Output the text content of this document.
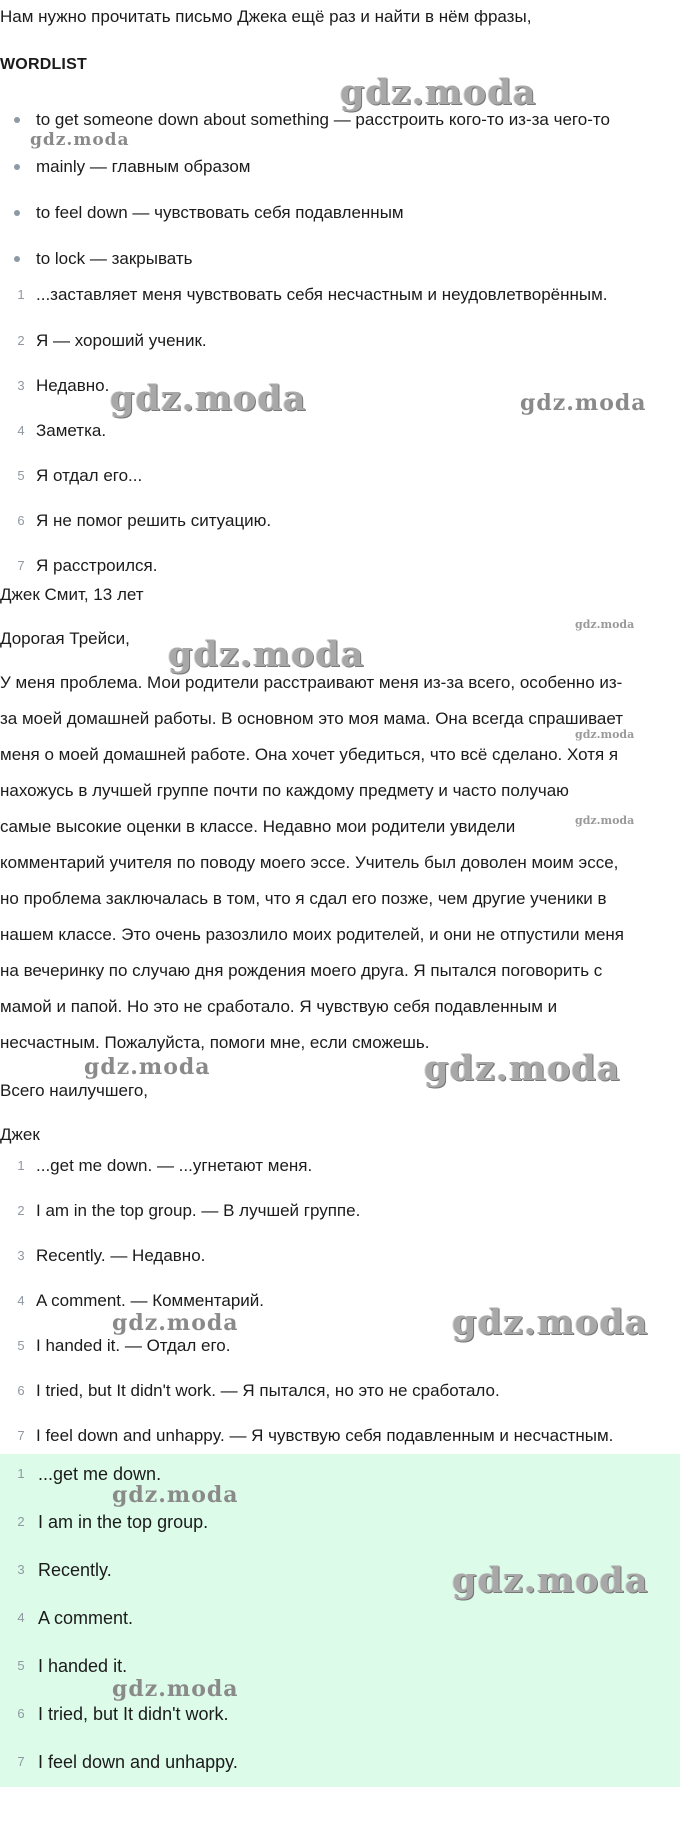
Нам нужно прочитать письмо Джека ещё раз и найти в нём фразы,
WORDLIST
to get someone down about something — расстроить кого-то из-за чего-то
mainly — главным образом
to feel down — чувствовать себя подавленным
to lock — закрывать
1 ...заставляет меня чувствовать себя несчастным и неудовлетворённым.
2 Я — хороший ученик.
3 Недавно.
4 Заметка.
5 Я отдал его...
6 Я не помог решить ситуацию.
7 Я расстроился.
Джек Смит, 13 лет
Дорогая Трейси,
У меня проблема. Мои родители расстраивают меня из-за всего, особенно из-
за моей домашней работы. В основном это моя мама. Она всегда спрашивает
меня о моей домашней работе. Она хочет убедиться, что всё сделано. Хотя я
нахожусь в лучшей группе почти по каждому предмету и часто получаю
самые высокие оценки в классе. Недавно мои родители увидели
комментарий учителя по поводу моего эссе. Учитель был доволен моим эссе,
но проблема заключалась в том, что я сдал его позже, чем другие ученики в
нашем классе. Это очень разозлило моих родителей, и они не отпустили меня
на вечеринку по случаю дня рождения моего друга. Я пытался поговорить с
мамой и папой. Но это не сработало. Я чувствую себя подавленным и
несчастным. Пожалуйста, помоги мне, если сможешь.
Всего наилучшего,
Джек
1 ...get me down. — ...угнетают меня.
2 I am in the top group. — В лучшей группе.
3 Recently. — Недавно.
4 A comment. — Комментарий.
5 I handed it. — Отдал его.
6 I tried, but It didn't work. — Я пытался, но это не сработало.
7 I feel down and unhappy. — Я чувствую себя подавленным и несчастным.
1 ...get me down.
2 I am in the top group.
3 Recently.
4 A comment.
5 I handed it.
6 I tried, but It didn't work.
7 I feel down and unhappy.
gdz.moda
gdz.moda
gdz.moda	gdz.moda
gdz.moda
gdz.moda
gdz.moda
gdz.moda
gdz.moda	gdz.moda
gdz.moda	gdz.moda
gdz.moda
gdz.moda
gdz.moda
